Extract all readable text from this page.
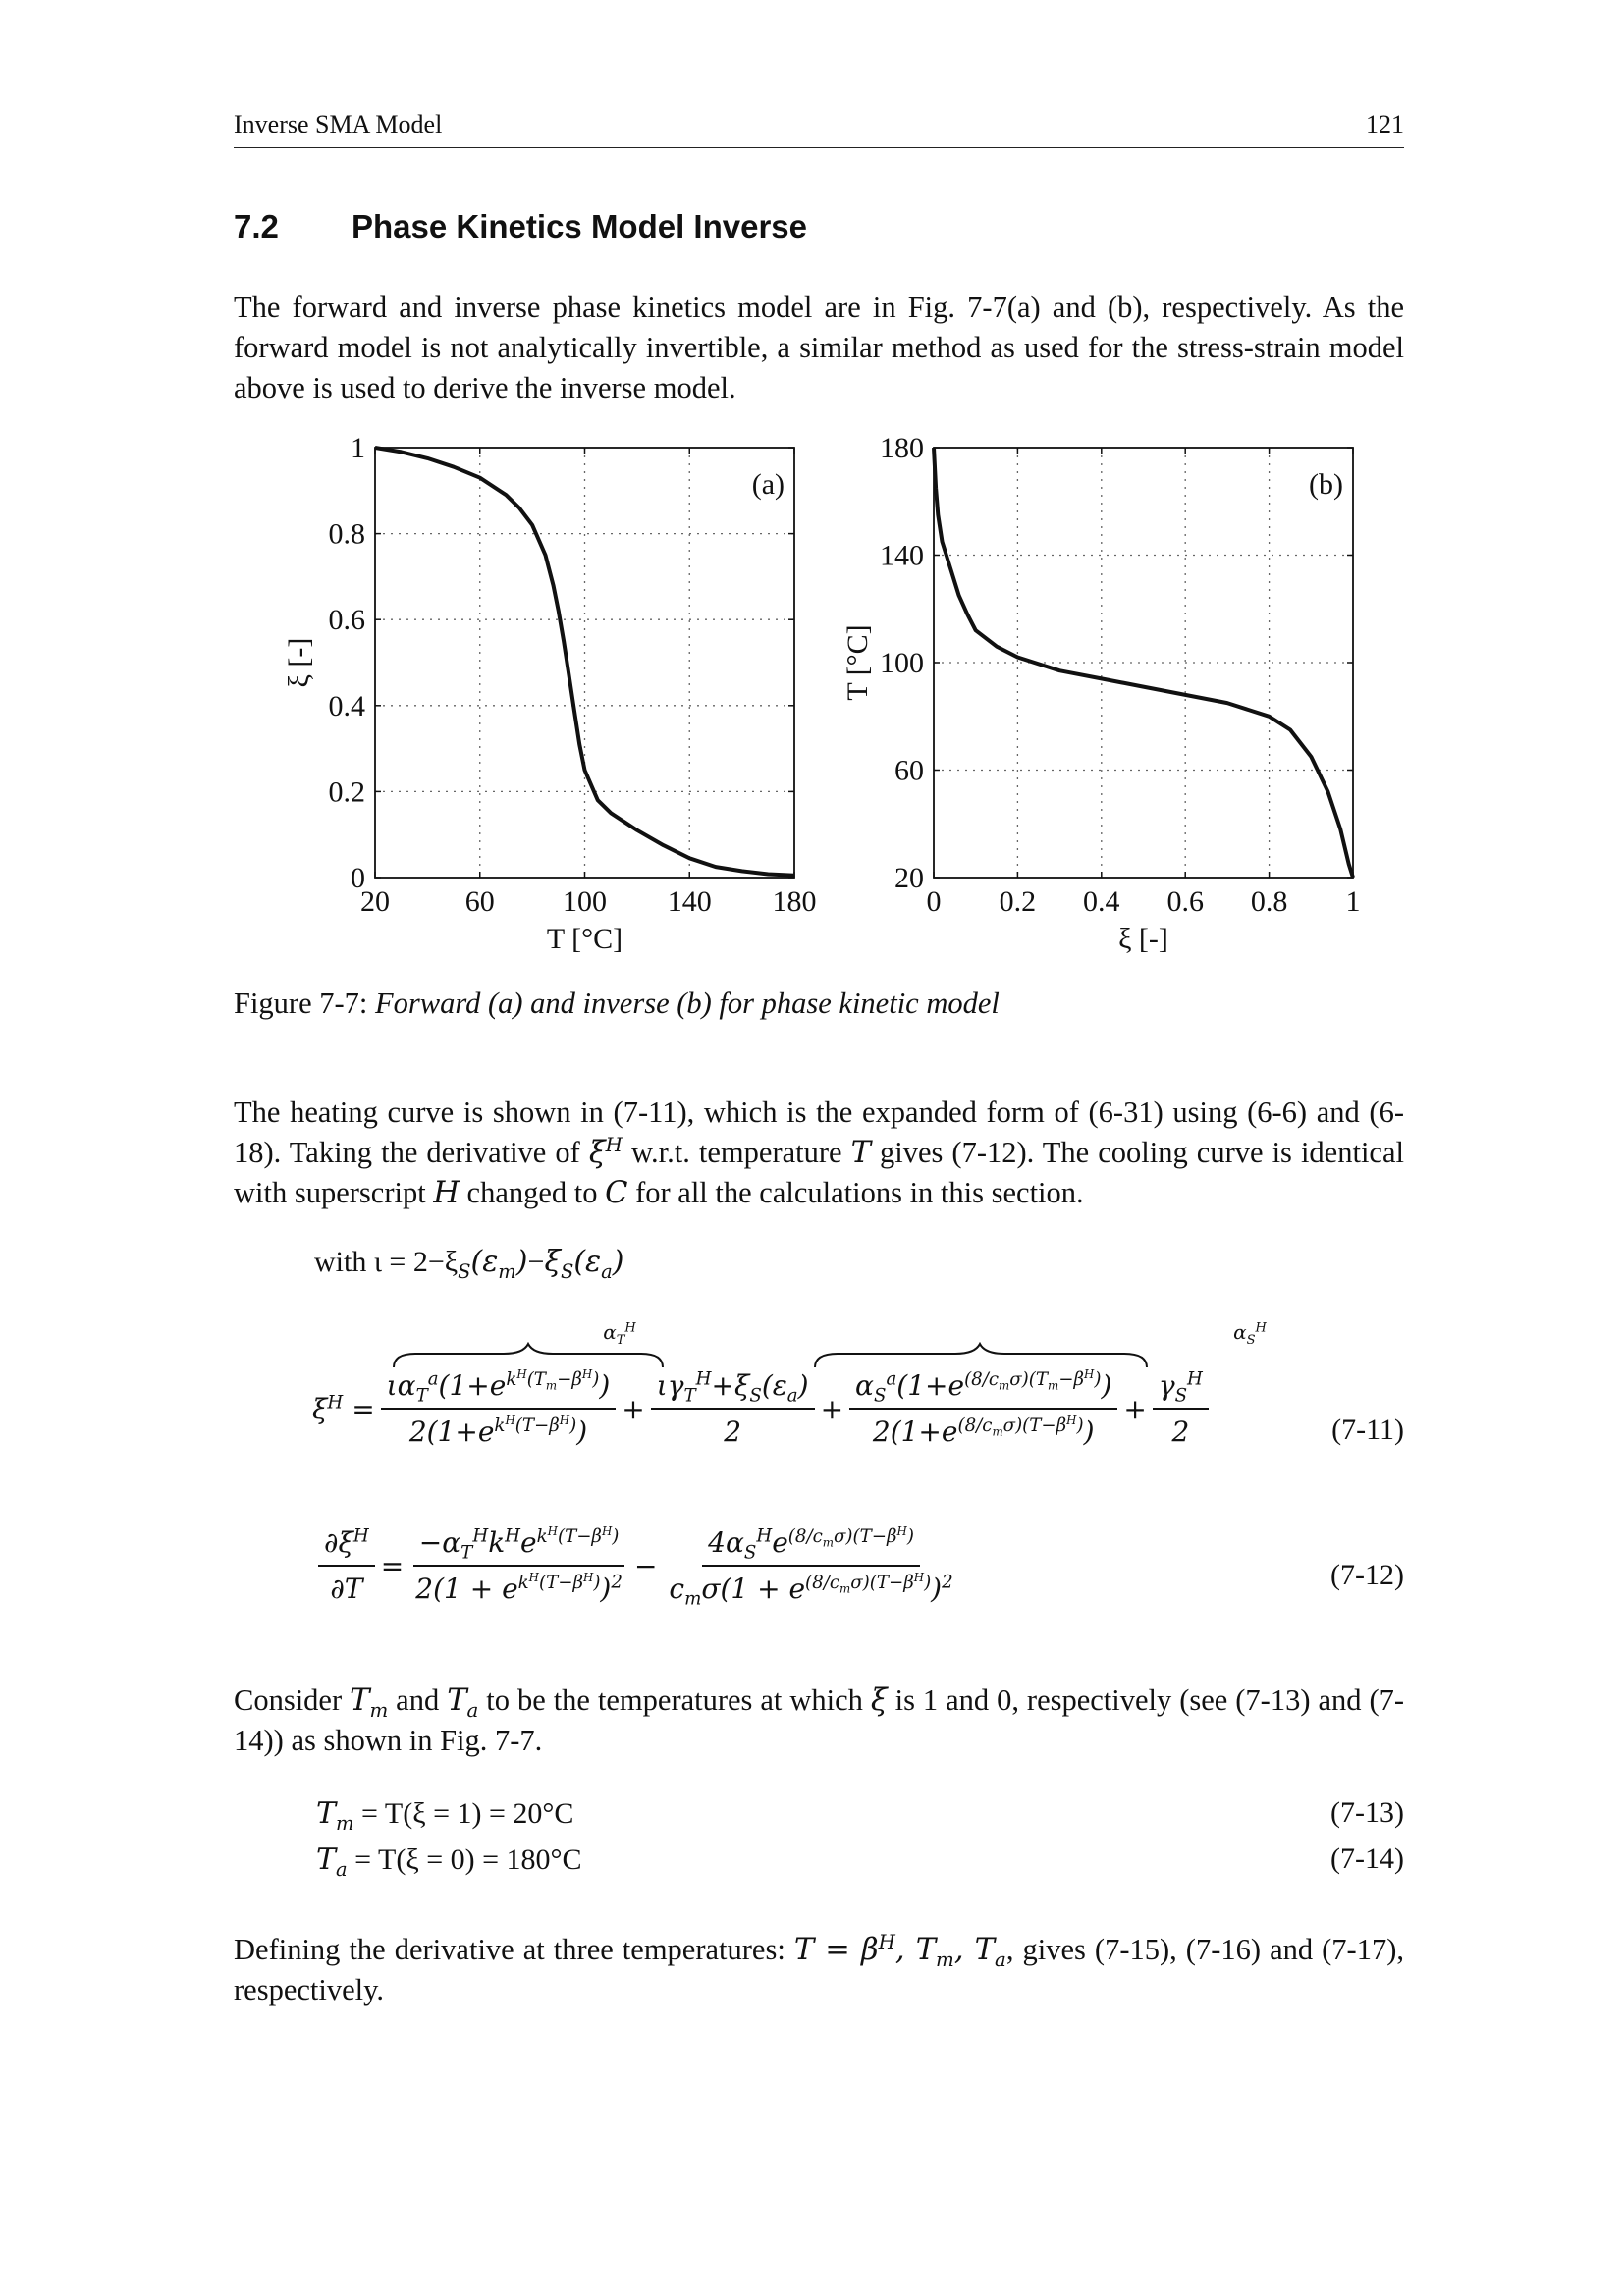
Inverse SMA Model	121
7.2 Phase Kinetics Model Inverse
The forward and inverse phase kinetics model are in Fig. 7-7(a) and (b), respectively. As the forward model is not analytically invertible, a similar method as used for the stress-strain model above is used to derive the inverse model.
20	60 100 140 180
0
0.2
0.4
0.6
0.8
1
(a)
T [°C]
ξ [-]
0 0.2 0.4 0.6 0.8 1
20
60
100
140
180
(b)
ξ [-]
T [°C]
Figure 7-7: Forward (a) and inverse (b) for phase kinetic model
The heating curve is shown in (7-11), which is the expanded form of (6-31) using (6-6) and (6-18). Taking the derivative of $\xi^H$ w.r.t. temperature T gives (7-12). The cooling curve is identical with superscript H changed to C for all the calculations in this section.
with $\iota = 2-\xi_S(\varepsilon_m)-\xi_S(\varepsilon_a)$
$\alpha_T^H$	$\alpha_S^H$
$\xi^H = \frac{\iota\alpha_T^a(1+e^{k^H(T_m-\beta^H)})}{2(1+e^{k^H(T-\beta^H)})} + \frac{\iota\gamma_T^H+\xi_S(\varepsilon_a)}{2} + \frac{\alpha_S^a(1+e^{(8/c_m\sigma)(T_m-\beta^H)})}{2(1+e^{(8/c_m\sigma)(T-\beta^H)})} + \frac{\gamma_S^H}{2}$	(7-11)
$\frac{\partial\xi^H}{\partial T} = \frac{-\alpha_T^Hk^He^{k^H(T-\beta^H)}}{2(1 + e^{k^H(T-\beta^H)})^2} - \frac{4\alpha_S^He^{(8/c_m\sigma)(T-\beta^H)}}{c_m\sigma(1 + e^{(8/c_m\sigma)(T-\beta^H)})^2}$	(7-12)
Consider $T_m$ and $T_a$ to be the temperatures at which ξ is 1 and 0, respectively (see (7-13) and (7-14)) as shown in Fig. 7-7.
$T_m = T(\xi = 1) = 20^\circ C$	(7-13)
$T_a = T(\xi = 0) = 180^\circ C$	(7-14)
Defining the derivative at three temperatures: $T = \beta^H$, $T_m$, $T_a$, gives (7-15), (7-16) and (7-17), respectively.
